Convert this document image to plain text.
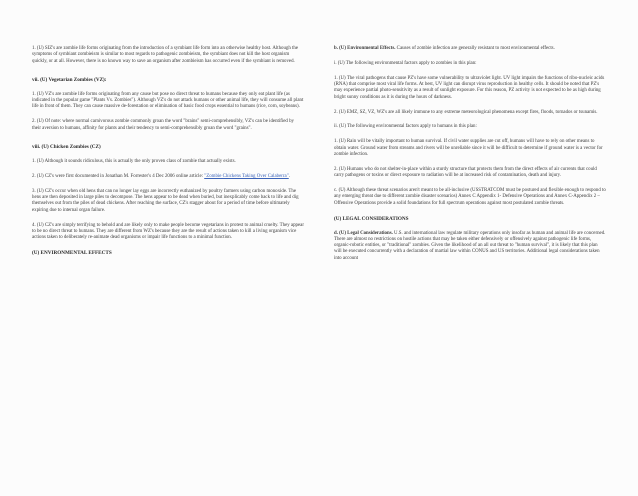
1. (U) SIZ's are zombie life forms originating from the introduction of a symbiant life form into an otherwise healthy host. Although the symptoms of symbiant zombieism is similar to most regards to pathogenic zombieism, the symbiant does not kill the host organism quickly, or at all. However, there is no known way to save an organism after zombieism has occurred even if the symbiant is removed.

vii. (U) Vegetarian Zombies (VZ):

1. (U) VZ's are zombie life forms originating from any cause but pose no direct threat to humans because they only eat plant life (as indicated in the popular game "Plants Vs. Zombies"). Although VZ's do not attack humans or other animal life, they will consume all plant life in front of them. They can cause massive de-forestation or elimination of basic food crops essential to humans (rice, corn, soybeans).

2. (U) Of note: where normal carnivorous zombie commonly groan the word "brains" semi-comprehensibly, VZ's can be identified by their aversion to humans, affinity for plants and their tendency to semi-comprehensibly groan the word "grains".

viii. (U) Chicken Zombies (CZ)

1. (U) Although it sounds ridiculous, this is actually the only proven class of zombie that actually exists.

2. (U) CZ's were first documented in Jonathan M. Forrester's 4 Dec 2006 online article: "Zombie Chickens Taking Over Calaberra".

3. (U) CZ's occur when old hens that can no longer lay eggs are incorrectly euthanized by poultry farmers using carbon monoxide. The hens are then deposited in large piles to decompose. The hens appear to be dead when buried, but inexplicably come back to life and dig themselves out from the piles of dead chickens. After reaching the surface, CZ's stagger about for a period of time before ultimately expiring due to internal organ failure.

4. (U) CZ's are simply terrifying to behold and are likely only to make people become vegetarians in protest to animal cruelty. They appear to be no direct threat to humans. They are different from WZ's because they are the result of actions taken to kill a living organism vice actions taken to deliberately re-animate dead organisms or impair life functions to a minimal function.

(U) ENVIRONMENTAL EFFECTS

b. (U) Environmental Effects. Causes of zombie infection are generally resistant to most environmental effects.

i. (U) The following environmental factors apply to zombies in this plan:

1. (U) The viral pathogens that cause PZ's have some vulnerability to ultraviolet light. UV light impairs the functions of ribo-nucleic acids (RNA) that comprise most viral life forms. At best, UV light can disrupt virus reproduction in healthy cells. It should be noted that PZ's may experience partial photo-sensitivity as a result of sunlight exposure. For this reason, PZ activity is not expected to be as high during bright sunny conditions as it is during the hours of darkness.

2. (U) EMZ, SZ, VZ, WZ's are all likely immune to any extreme meteorological phenomena except fires, floods, tornados or tsunamis.

ii. (U) The following environmental factors apply to humans in this plan:

1. (U) Rain will be vitally important to human survival. If civil water supplies are cut off, humans will have to rely on other means to obtain water. Ground water from streams and rivers will be unreliable since it will be difficult to determine if ground water is a vector for zombie infection.

2. (U) Humans who do not shelter-in-place within a sturdy structure that protects them from the direct effects of air currents that could carry pathogens or toxins or direct exposure to radiation will be at increased risk of contamination, death and injury.

c. (U) Although these threat scenarios aren't meant to be all-inclusive (USSTRATCOM must be postured and flexible enough to respond to any emerging threat due to different zombie disaster scenarios) Annex C Appendix 1- Defensive Operations and Annex C-Appendix 2 – Offensive Operations provide a solid foundations for full spectrum operations against most postulated zombie threats.

(U) LEGAL CONSIDERATIONS

d. (U) Legal Considerations. U.S. and international law regulate military operations only insofar as human and animal life are concerned. There are almost no restrictions on hostile actions that may be taken either defensively or offensively against pathogenic life forms, organic-robotic entities, or "traditional" zombies. Given the likelihood of an all out threat to "human survival", it is likely that this plan will be executed concurrently with a declaration of martial law within CONUS and US territories. Additional legal considerations taken into account
